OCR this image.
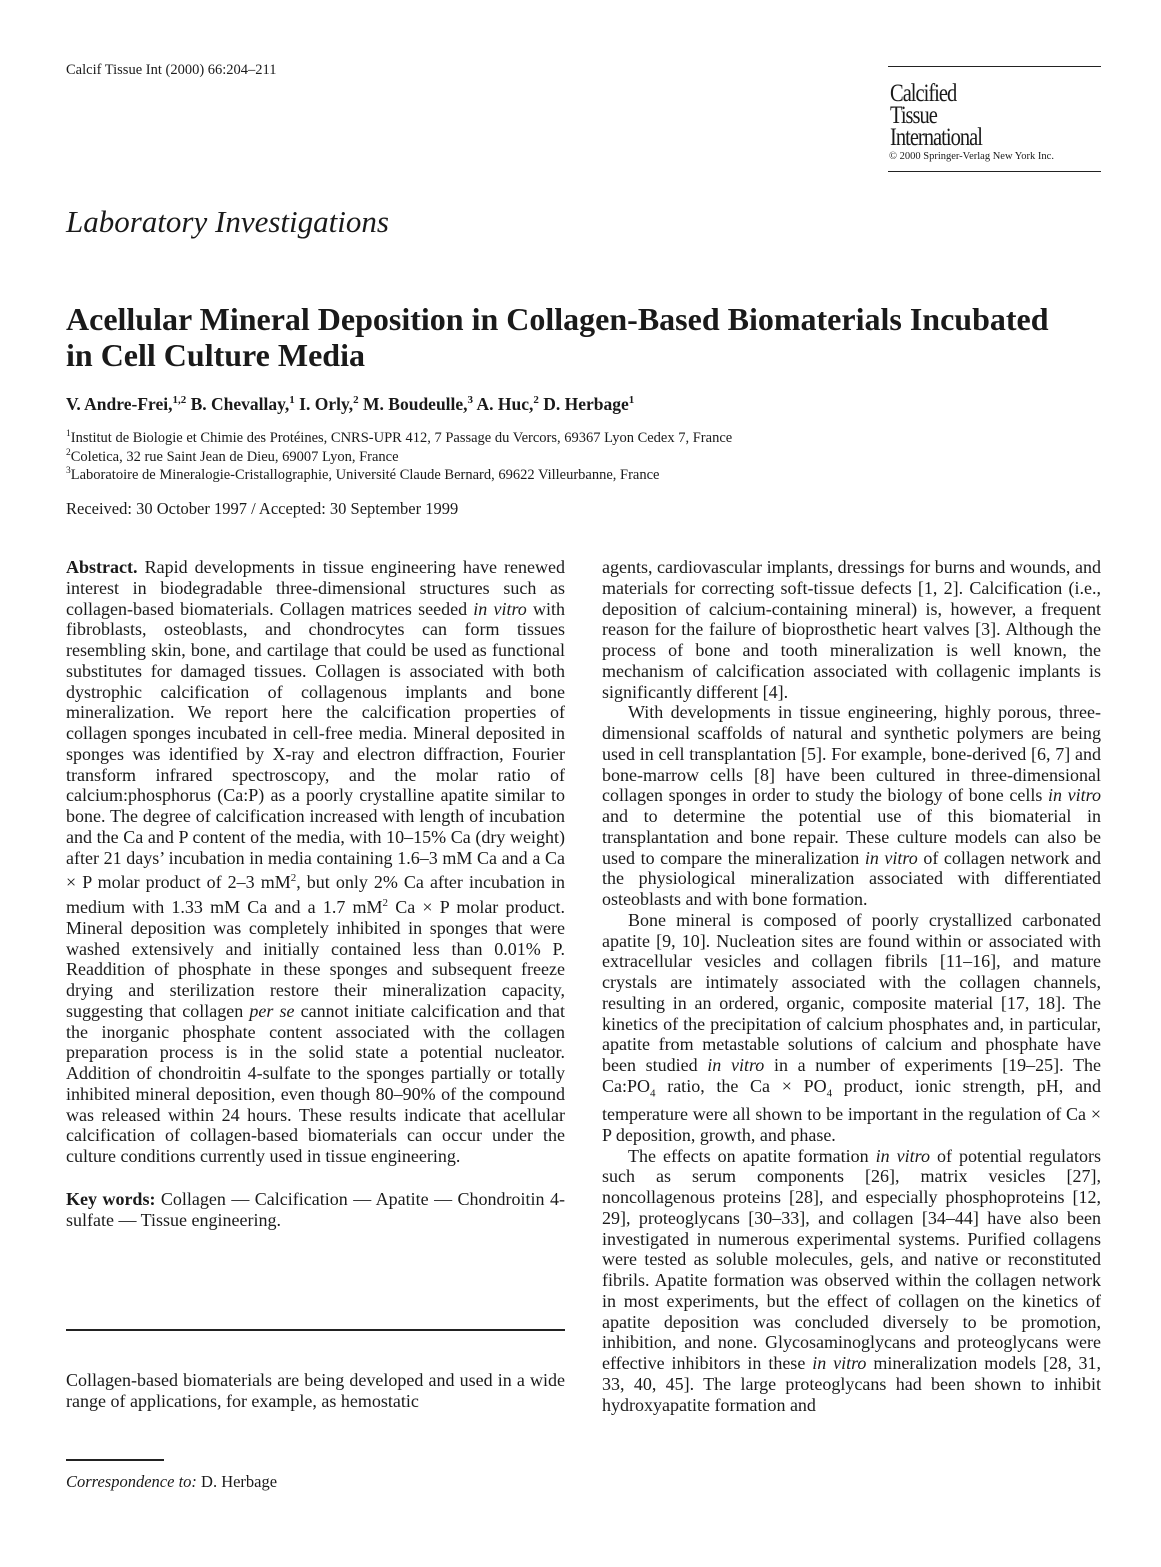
Calcif Tissue Int (2000) 66:204–211
Calcified
Tissue
International
© 2000 Springer-Verlag New York Inc.
Laboratory Investigations
Acellular Mineral Deposition in Collagen-Based Biomaterials Incubated in Cell Culture Media
V. Andre-Frei,$^{1,2}$ B. Chevallay,$^1$ I. Orly,$^2$ M. Boudeulle,$^3$ A. Huc,$^2$ D. Herbage$^1$
$^1$Institut de Biologie et Chimie des Protéines, CNRS-UPR 412, 7 Passage du Vercors, 69367 Lyon Cedex 7, France
$^2$Coletica, 32 rue Saint Jean de Dieu, 69007 Lyon, France
$^3$Laboratoire de Mineralogie-Cristallographie, Université Claude Bernard, 69622 Villeurbanne, France
Received: 30 October 1997 / Accepted: 30 September 1999

Abstract. Rapid developments in tissue engineering have renewed interest in biodegradable three-dimensional structures such as collagen-based biomaterials. Collagen matrices seeded in vitro with fibroblasts, osteoblasts, and chondrocytes can form tissues resembling skin, bone, and cartilage that could be used as functional substitutes for damaged tissues. Collagen is associated with both dystrophic calcification of collagenous implants and bone mineralization. We report here the calcification properties of collagen sponges incubated in cell-free media. Mineral deposited in sponges was identified by X-ray and electron diffraction, Fourier transform infrared spectroscopy, and the molar ratio of calcium:phosphorus (Ca:P) as a poorly crystalline apatite similar to bone. The degree of calcification increased with length of incubation and the Ca and P content of the media, with 10–15% Ca (dry weight) after 21 days’ incubation in media containing 1.6–3 mM Ca and a Ca × P molar product of 2–3 $mM^2$, but only 2% Ca after incubation in medium with 1.33 mM Ca and a 1.7 $mM^2$ Ca × P molar product. Mineral deposition was completely inhibited in sponges that were washed extensively and initially contained less than 0.01% P. Readdition of phosphate in these sponges and subsequent freeze drying and sterilization restore their mineralization capacity, suggesting that collagen per se cannot initiate calcification and that the inorganic phosphate content associated with the collagen preparation process is in the solid state a potential nucleator. Addition of chondroitin 4-sulfate to the sponges partially or totally inhibited mineral deposition, even though 80–90% of the compound was released within 24 hours. These results indicate that acellular calcification of collagen-based biomaterials can occur under the culture conditions currently used in tissue engineering.

Key words: Collagen — Calcification — Apatite — Chondroitin 4-sulfate — Tissue engineering.

Collagen-based biomaterials are being developed and used in a wide range of applications, for example, as hemostatic
Correspondence to: D. Herbage

agents, cardiovascular implants, dressings for burns and wounds, and materials for correcting soft-tissue defects [1, 2]. Calcification (i.e., deposition of calcium-containing mineral) is, however, a frequent reason for the failure of bioprosthetic heart valves [3]. Although the process of bone and tooth mineralization is well known, the mechanism of calcification associated with collagenic implants is significantly different [4].

With developments in tissue engineering, highly porous, three-dimensional scaffolds of natural and synthetic polymers are being used in cell transplantation [5]. For example, bone-derived [6, 7] and bone-marrow cells [8] have been cultured in three-dimensional collagen sponges in order to study the biology of bone cells in vitro and to determine the potential use of this biomaterial in transplantation and bone repair. These culture models can also be used to compare the mineralization in vitro of collagen network and the physiological mineralization associated with differentiated osteoblasts and with bone formation.

Bone mineral is composed of poorly crystallized carbonated apatite [9, 10]. Nucleation sites are found within or associated with extracellular vesicles and collagen fibrils [11–16], and mature crystals are intimately associated with the collagen channels, resulting in an ordered, organic, composite material [17, 18]. The kinetics of the precipitation of calcium phosphates and, in particular, apatite from metastable solutions of calcium and phosphate have been studied in vitro in a number of experiments [19–25]. The $Ca:PO_4$ ratio, the $Ca \times PO_4$ product, ionic strength, pH, and temperature were all shown to be important in the regulation of Ca × P deposition, growth, and phase.

The effects on apatite formation in vitro of potential regulators such as serum components [26], matrix vesicles [27], noncollagenous proteins [28], and especially phosphoproteins [12, 29], proteoglycans [30–33], and collagen [34–44] have also been investigated in numerous experimental systems. Purified collagens were tested as soluble molecules, gels, and native or reconstituted fibrils. Apatite formation was observed within the collagen network in most experiments, but the effect of collagen on the kinetics of apatite deposition was concluded diversely to be promotion, inhibition, and none. Glycosaminoglycans and proteoglycans were effective inhibitors in these in vitro mineralization models [28, 31, 33, 40, 45]. The large proteoglycans had been shown to inhibit hydroxyapatite formation and
